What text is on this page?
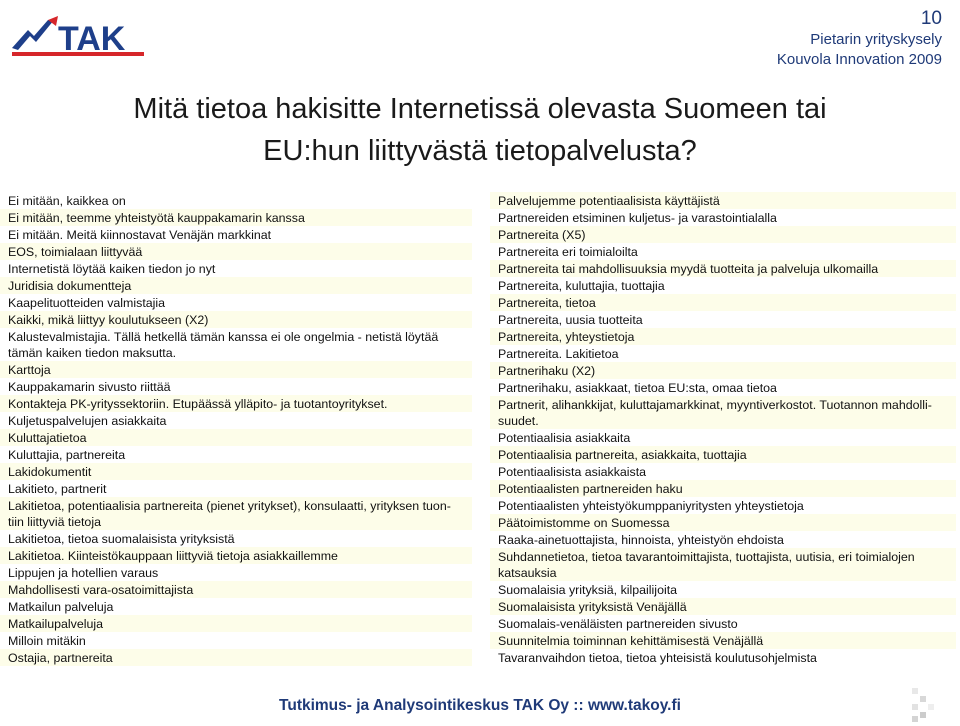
TAK
10
Pietarin yrityskysely
Kouvola Innovation 2009
Mitä tietoa hakisitte Internetissä olevasta Suomeen tai
EU:hun liittyvästä tietopalvelusta?
Ei mitään, kaikkea on
Ei mitään, teemme yhteistyötä kauppakamarin kanssa
Ei mitään. Meitä kiinnostavat Venäjän markkinat
EOS, toimialaan liittyvää
Internetistä löytää kaiken tiedon jo nyt
Juridisia dokumentteja
Kaapelituotteiden valmistajia
Kaikki, mikä liittyy koulutukseen (X2)
Kalustevalmistajia. Tällä hetkellä tämän kanssa ei ole ongelmia - netistä löytää tämän kaiken tiedon maksutta.
Karttoja
Kauppakamarin sivusto riittää
Kontakteja PK-yrityssektoriin. Etupäässä ylläpito- ja tuotantoyritykset.
Kuljetuspalvelujen asiakkaita
Kuluttajatietoa
Kuluttajia, partnereita
Lakidokumentit
Lakitieto, partnerit
Lakitietoa, potentiaalisia partnereita (pienet yritykset), konsulaatti, yrityksen tuon-tiin liittyviä tietoja
Lakitietoa, tietoa suomalaisista yrityksistä
Lakitietoa. Kiinteistökauppaan liittyviä tietoja asiakkaillemme
Lippujen ja hotellien varaus
Mahdollisesti vara-osatoimittajista
Matkailun palveluja
Matkailupalveluja
Milloin mitäkin
Ostajia, partnereita
Palvelujemme potentiaalisista käyttäjistä
Partnereiden etsiminen kuljetus- ja varastointialalla
Partnereita (X5)
Partnereita eri toimialoilta
Partnereita tai mahdollisuuksia myydä tuotteita ja palveluja ulkomailla
Partnereita, kuluttajia, tuottajia
Partnereita, tietoa
Partnereita, uusia tuotteita
Partnereita, yhteystietoja
Partnereita. Lakitietoa
Partnerihaku (X2)
Partnerihaku, asiakkaat, tietoa EU:sta, omaa tietoa
Partnerit, alihankkijat, kuluttajamarkkinat, myyntiverkostot. Tuotannon mahdolli-suudet.
Potentiaalisia asiakkaita
Potentiaalisia partnereita, asiakkaita, tuottajia
Potentiaalisista asiakkaista
Potentiaalisten partnereiden haku
Potentiaalisten yhteistyökumppaniyritysten yhteystietoja
Päätoimistomme on Suomessa
Raaka-ainetuottajista, hinnoista, yhteistyön ehdoista
Suhdannetietoa, tietoa tavarantoimittajista, tuottajista, uutisia, eri toimialojen katsauksia
Suomalaisia yrityksiä, kilpailijoita
Suomalaisista yrityksistä Venäjällä
Suomalais-venäläisten partnereiden sivusto
Suunnitelmia toiminnan kehittämisestä Venäjällä
Tavaranvaihdon tietoa, tietoa yhteisistä koulutusohjelmista
Tutkimus- ja Analysointikeskus TAK Oy :: www.takoy.fi
